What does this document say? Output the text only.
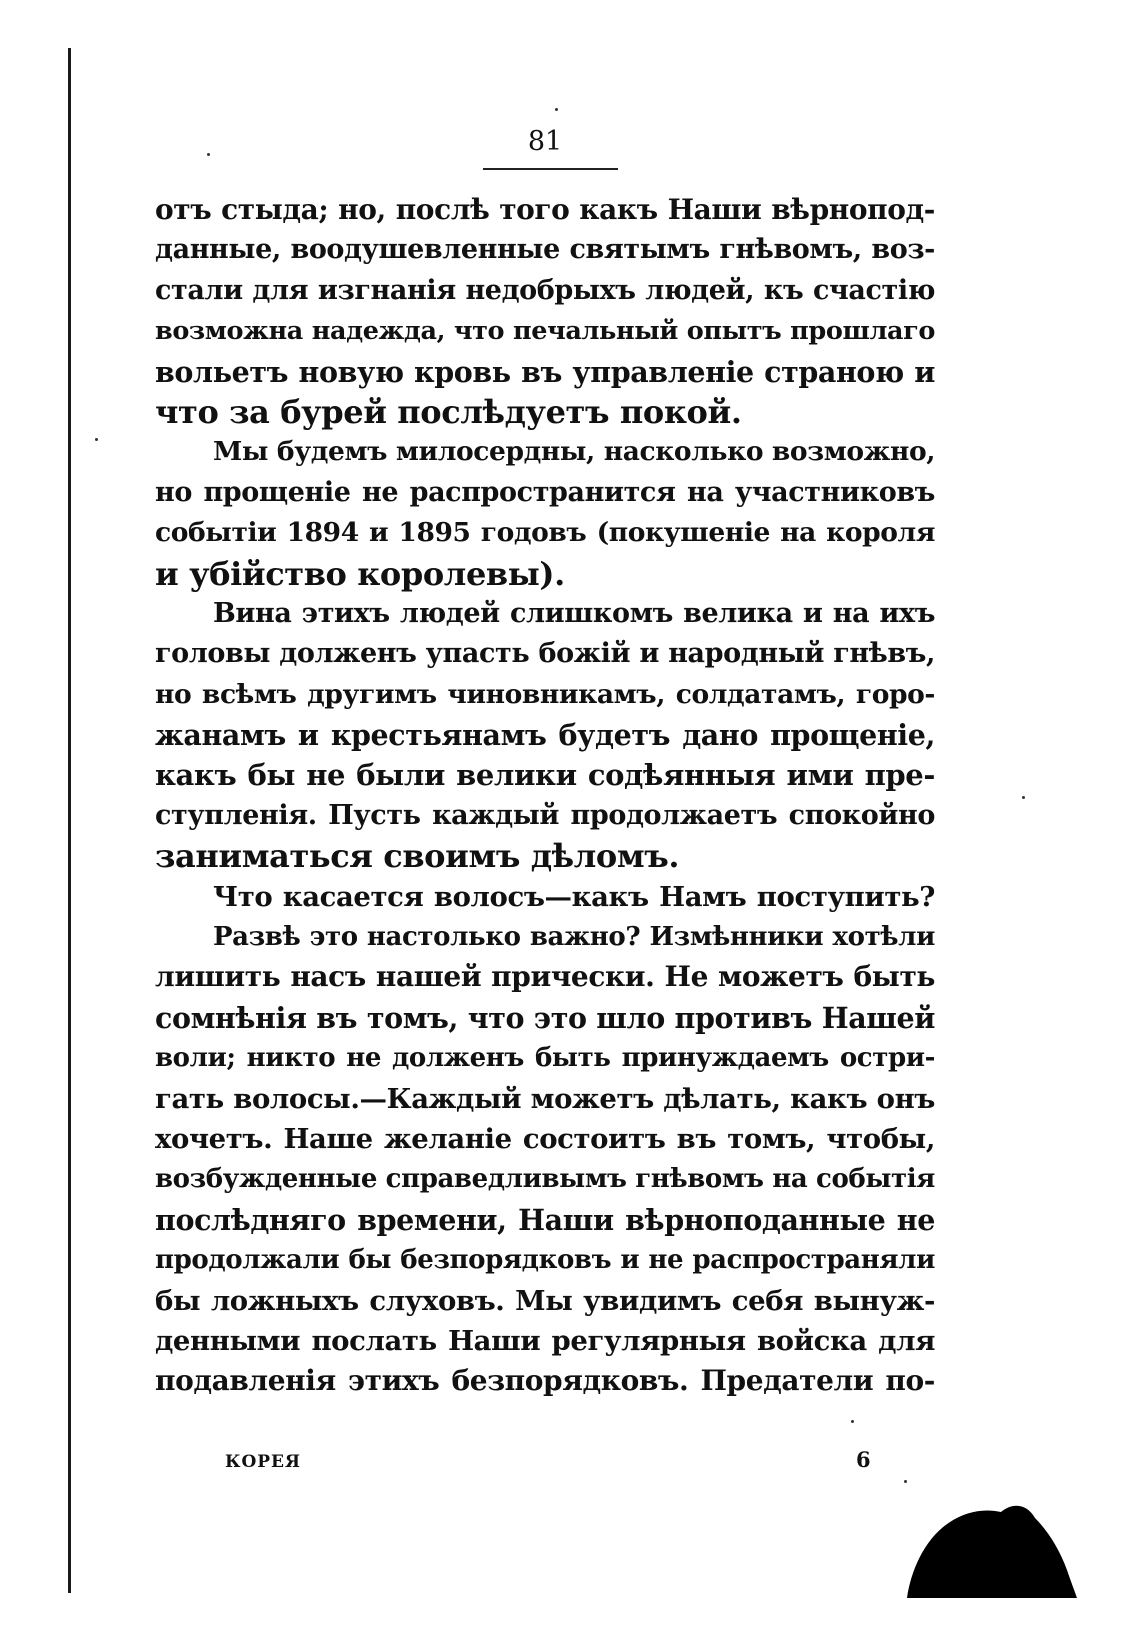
81
отъ стыда; но, послѣ того какъ Наши вѣрнопод-
данные, воодушевленные святымъ гнѣвомъ, воз-
стали для изгнанія недобрыхъ людей, къ счастію
возможна надежда, что печальный опытъ прошлаго
вольетъ новую кровь въ управленіе страною и
что за бурей послѣдуетъ покой.
Мы будемъ милосердны, насколько возможно,
но прощеніе не распространится на участниковъ
событіи 1894 и 1895 годовъ (покушеніе на короля
и убійство королевы).
Вина этихъ людей слишкомъ велика и на ихъ
головы долженъ упасть божій и народный гнѣвъ,
но всѣмъ другимъ чиновникамъ, солдатамъ, горо-
жанамъ и крестьянамъ будетъ дано прощеніе,
какъ бы не были велики содѣянныя ими пре-
ступленія. Пусть каждый продолжаетъ спокойно
заниматься своимъ дѣломъ.
Что касается волосъ—какъ Намъ поступить?
Развѣ это настолько важно? Измѣнники хотѣли
лишить насъ нашей прически. Не можетъ быть
сомнѣнія въ томъ, что это шло противъ Нашей
воли; никто не долженъ быть принуждаемъ остри-
гать волосы.—Каждый можетъ дѣлать, какъ онъ
хочетъ. Наше желаніе состоитъ въ томъ, чтобы,
возбужденные справедливымъ гнѣвомъ на событія
послѣдняго времени, Наши вѣрноподанные не
продолжали бы безпорядковъ и не распространяли
бы ложныхъ слуховъ. Мы увидимъ себя вынуж-
денными послать Наши регулярныя войска для
подавленія этихъ безпорядковъ. Предатели по-
КОРЕЯ	6
